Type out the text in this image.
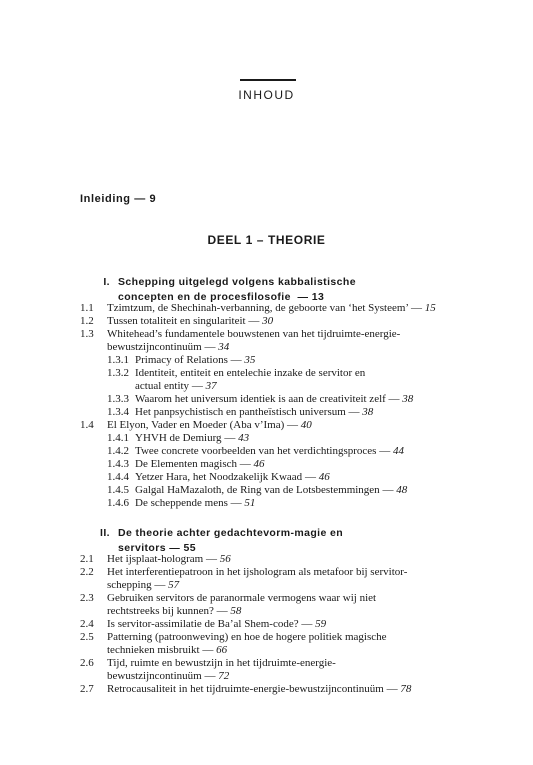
INHOUD
Inleiding — 9
DEEL 1 – THEORIE
I. Schepping uitgelegd volgens kabbalistische
concepten en de procesfilosofie — 13
1.1 Tzimtzum, de Shechinah-verbanning, de geboorte van ‘het Systeem’ — 15
1.2 Tussen totaliteit en singulariteit — 30
1.3 Whitehead’s fundamentele bouwstenen van het tijdruimte-energie-
bewustzijncontinuüm — 34
1.3.1 Primacy of Relations — 35
1.3.2 Identiteit, entiteit en entelechie inzake de servitor en
actual entity — 37
1.3.3 Waarom het universum identiek is aan de creativiteit zelf — 38
1.3.4 Het panpsychistisch en pantheïstisch universum — 38
1.4 El Elyon, Vader en Moeder (Aba v’Ima) — 40
1.4.1 YHVH de Demiurg — 43
1.4.2 Twee concrete voorbeelden van het verdichtingsproces — 44
1.4.3 De Elementen magisch — 46
1.4.4 Yetzer Hara, het Noodzakelijk Kwaad — 46
1.4.5 Galgal HaMazaloth, de Ring van de Lotsbestemmingen — 48
1.4.6 De scheppende mens — 51
II. De theorie achter gedachtevorm-magie en
servitors — 55
2.1 Het ijsplaat-hologram — 56
2.2 Het interferentiepatroon in het ijshologram als metafoor bij servitor-
schepping — 57
2.3 Gebruiken servitors de paranormale vermogens waar wij niet
rechtstreeks bij kunnen? — 58
2.4 Is servitor-assimilatie de Ba’al Shem-code? — 59
2.5 Patterning (patroonweving) en hoe de hogere politiek magische
technieken misbruikt — 66
2.6 Tijd, ruimte en bewustzijn in het tijdruimte-energie-
bewustzijncontinuüm — 72
2.7 Retrocausaliteit in het tijdruimte-energie-bewustzijncontinuüm — 78
